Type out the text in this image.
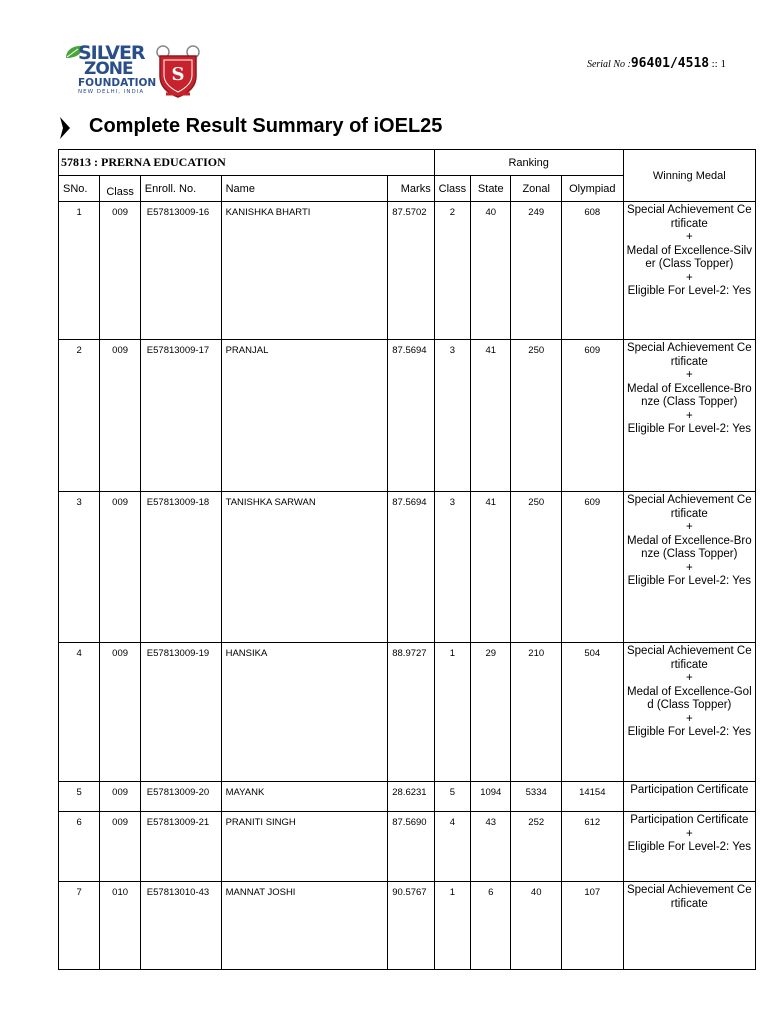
SILVER
ZONE
FOUNDATION
NEW DELHI, INDIA
S	Serial No :96401/4518 :: 1
Complete Result Summary of iOEL25
57813 : PRERNA EDUCATION					Ranking				Winning Medal
SNo.	Class	Enroll. No.	Name	Marks	Class	State	Zonal	Olympiad	
1	009	E57813009-16	KANISHKA BHARTI	87.5702	2	40	249	608	Special Achievement Certificate
+
Medal of Excellence-Silver (Class Topper)
+
Eligible For Level-2: Yes

2	009	E57813009-17	PRANJAL	87.5694	3	41	250	609	Special Achievement Certificate
+
Medal of Excellence-Bronze (Class Topper)
+
Eligible For Level-2: Yes

3	009	E57813009-18	TANISHKA SARWAN	87.5694	3	41	250	609	Special Achievement Certificate
+
Medal of Excellence-Bronze (Class Topper)
+
Eligible For Level-2: Yes

4	009	E57813009-19	HANSIKA	88.9727	1	29	210	504	Special Achievement Certificate
+
Medal of Excellence-Gold (Class Topper)
+
Eligible For Level-2: Yes

5	009	E57813009-20	MAYANK	28.6231	5	1094	5334	14154	Participation Certificate

6	009	E57813009-21	PRANITI SINGH	87.5690	4	43	252	612	Participation Certificate
+
Eligible For Level-2: Yes

7	010	E57813010-43	MANNAT JOSHI	90.5767	1	6	40	107	Special Achievement Certificate
